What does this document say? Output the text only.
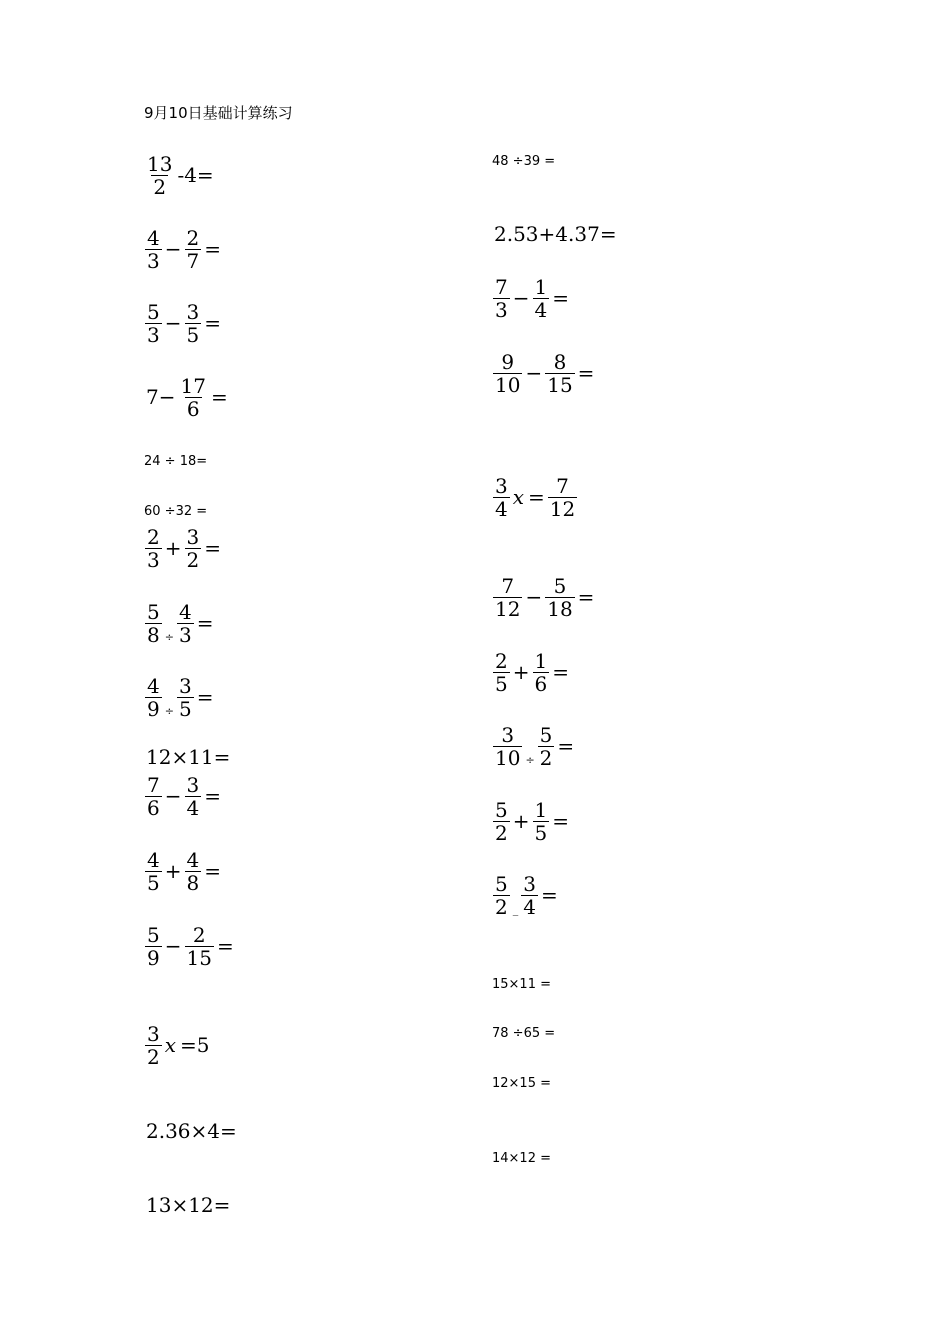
9月10日基础计算练习
$\frac{13}{2} -4=$
$\frac{4}{3} - \frac{2}{7}$ =
$\frac{5}{3} - \frac{3}{5}$ =
$7- \frac{17}{6}$ =
24 ÷ 18=
60 ÷32 =
$\frac{2}{3} + \frac{3}{2}$ =
$\frac{5}{8} \div \frac{4}{3}$ =
$\frac{4}{9} \div \frac{3}{5}$ =
12×11=
$\frac{7}{6} - \frac{3}{4}$ =
$\frac{4}{5} + \frac{4}{8}$ =
$\frac{5}{9} - \frac{2}{15}$ =
$\frac{3}{2}$ x =5
2.36×4=
13×12=
48 ÷39 =
2.53+4.37=
$\frac{7}{3} - \frac{1}{4}$ =
$\frac{9}{10} - \frac{8}{15}$ =
$\frac{3}{4}$ $x = \frac{7}{12}$
$\frac{7}{12} - \frac{5}{18}$ =
$\frac{2}{5} + \frac{1}{6}$ =
$\frac{3}{10} \div \frac{5}{2}$ =
$\frac{5}{2} + \frac{1}{5}$ =
$\frac{5}{2}$ _ $\frac{3}{4}$ =
15×11 =
78 ÷65 =
12×15 =
14×12 =
